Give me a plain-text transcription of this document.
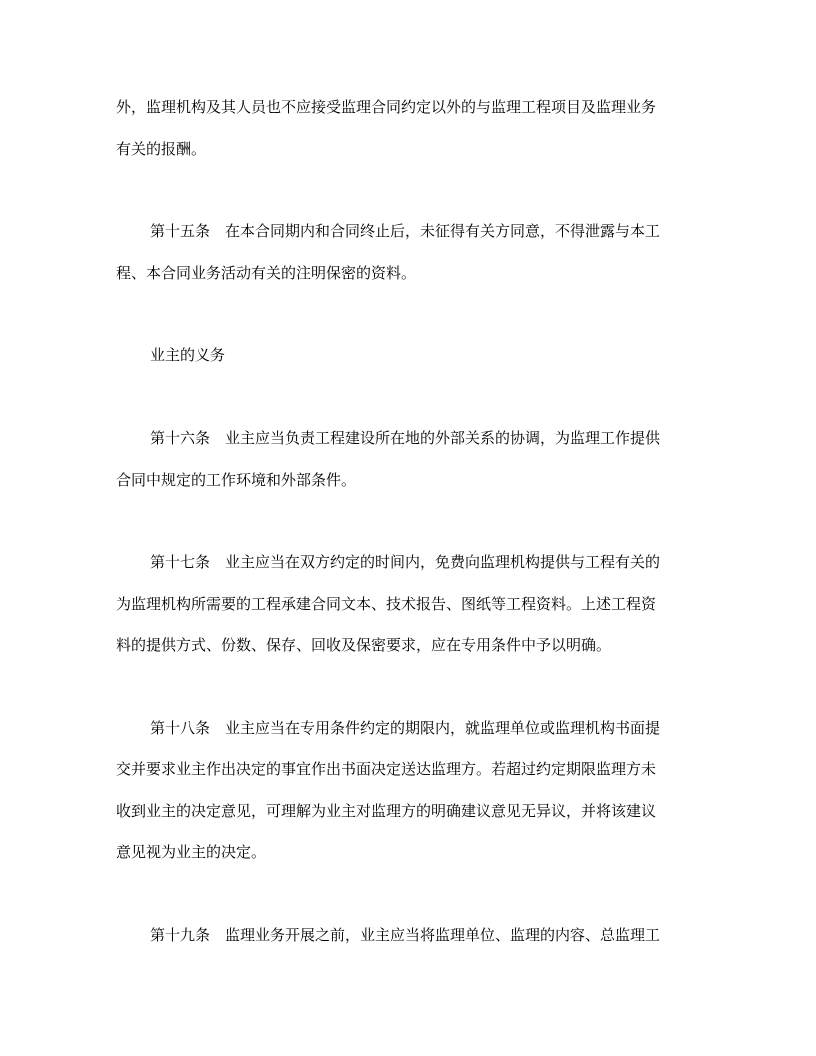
外，监理机构及其人员也不应接受监理合同约定以外的与监理工程项目及监理业务
有关的报酬。
第十五条　在本合同期内和合同终止后，未征得有关方同意，不得泄露与本工
程、本合同业务活动有关的注明保密的资料。
业主的义务
第十六条　业主应当负责工程建设所在地的外部关系的协调，为监理工作提供
合同中规定的工作环境和外部条件。
第十七条　业主应当在双方约定的时间内，免费向监理机构提供与工程有关的
为监理机构所需要的工程承建合同文本、技术报告、图纸等工程资料。上述工程资
料的提供方式、份数、保存、回收及保密要求，应在专用条件中予以明确。
第十八条　业主应当在专用条件约定的期限内，就监理单位或监理机构书面提
交并要求业主作出决定的事宜作出书面决定送达监理方。若超过约定期限监理方未
收到业主的决定意见，可理解为业主对监理方的明确建议意见无异议，并将该建议
意见视为业主的决定。
第十九条　监理业务开展之前，业主应当将监理单位、监理的内容、总监理工
